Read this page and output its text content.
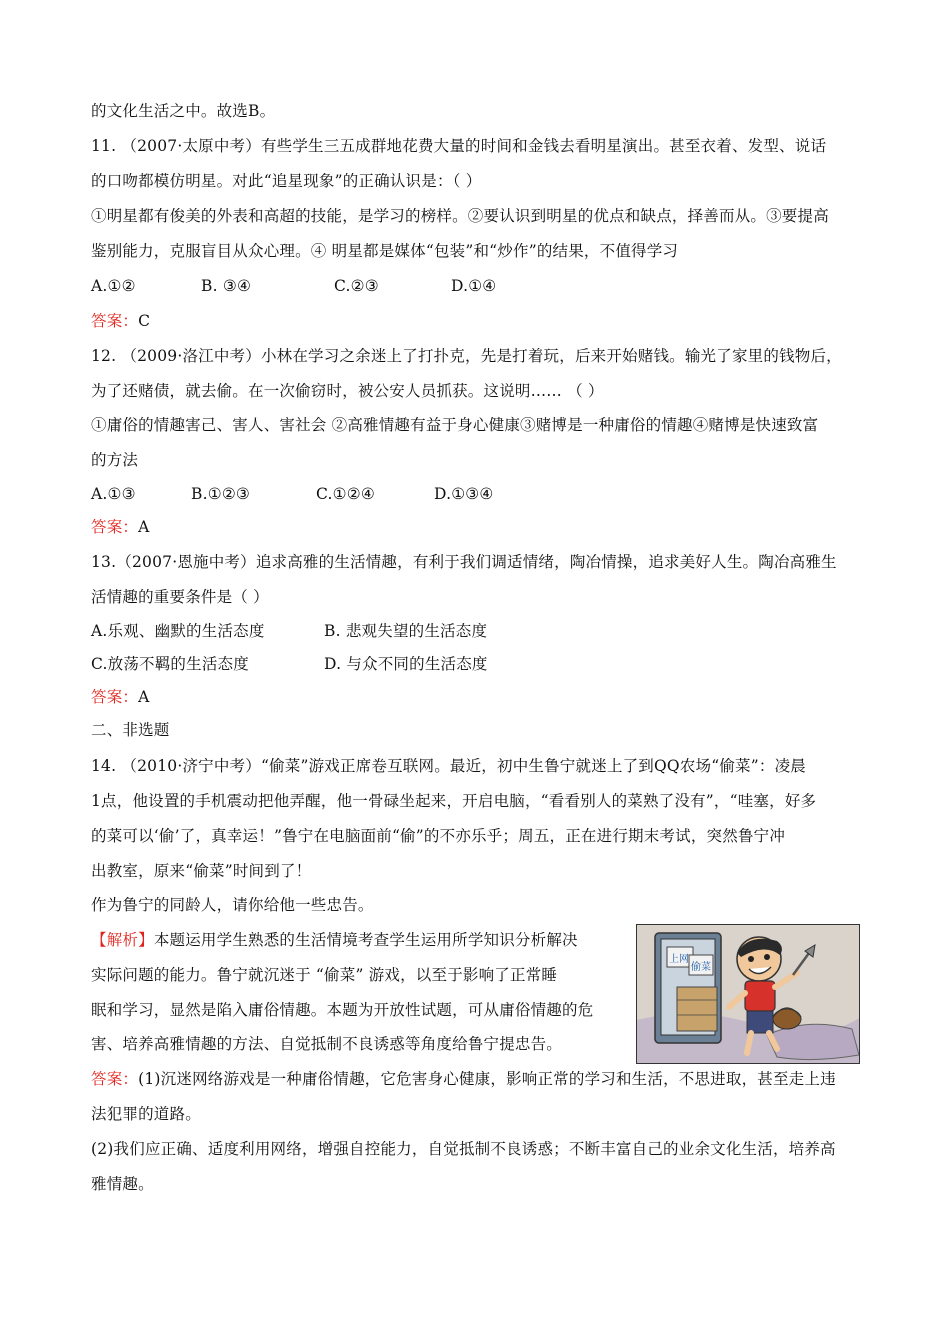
的文化生活之中。故选B。
11. （2007·太原中考）有些学生三五成群地花费大量的时间和金钱去看明星演出。甚至衣着、发型、说话
的口吻都模仿明星。对此“追星现象”的正确认识是：（ ）
①明星都有俊美的外表和高超的技能，是学习的榜样。②要认识到明星的优点和缺点，择善而从。③要提高
鉴别能力，克服盲目从众心理。④ 明星都是媒体“包装”和“炒作”的结果，不值得学习
A.①②	B. ③④	C.②③	D.①④
答案：C
12. （2009·洛江中考）小林在学习之余迷上了打扑克，先是打着玩，后来开始赌钱。输光了家里的钱物后，
为了还赌债，就去偷。在一次偷窃时，被公安人员抓获。这说明…… （ ）
①庸俗的情趣害己、害人、害社会 ②高雅情趣有益于身心健康③赌博是一种庸俗的情趣④赌博是快速致富
的方法
A.①③	B.①②③	C.①②④	D.①③④
答案：A
13.（2007·恩施中考）追求高雅的生活情趣，有利于我们调适情绪，陶冶情操，追求美好人生。陶冶高雅生
活情趣的重要条件是（ ）
A.乐观、幽默的生活态度	B. 悲观失望的生活态度
C.放荡不羁的生活态度	D. 与众不同的生活态度
答案：A
二、非选题
14. （2010·济宁中考）“偷菜”游戏正席卷互联网。最近，初中生鲁宁就迷上了到QQ农场“偷菜”：凌晨
1点，他设置的手机震动把他弄醒，他一骨碌坐起来，开启电脑，“看看别人的菜熟了没有”，“哇塞，好多
的菜可以‘偷’了，真幸运！”鲁宁在电脑面前“偷”的不亦乐乎；周五，正在进行期末考试，突然鲁宁冲
出教室，原来“偷菜”时间到了！
作为鲁宁的同龄人，请你给他一些忠告。
【解析】本题运用学生熟悉的生活情境考查学生运用所学知识分析解决
实际问题的能力。鲁宁就沉迷于 “偷菜” 游戏，以至于影响了正常睡
眠和学习，显然是陷入庸俗情趣。本题为开放性试题，可从庸俗情趣的危
害、培养高雅情趣的方法、自觉抵制不良诱惑等角度给鲁宁提忠告。
上网
偷菜
答案：(1)沉迷网络游戏是一种庸俗情趣，它危害身心健康，影响正常的学习和生活，不思进取，甚至走上违
法犯罪的道路。
(2)我们应正确、适度利用网络，增强自控能力，自觉抵制不良诱惑；不断丰富自己的业余文化生活，培养高
雅情趣。
